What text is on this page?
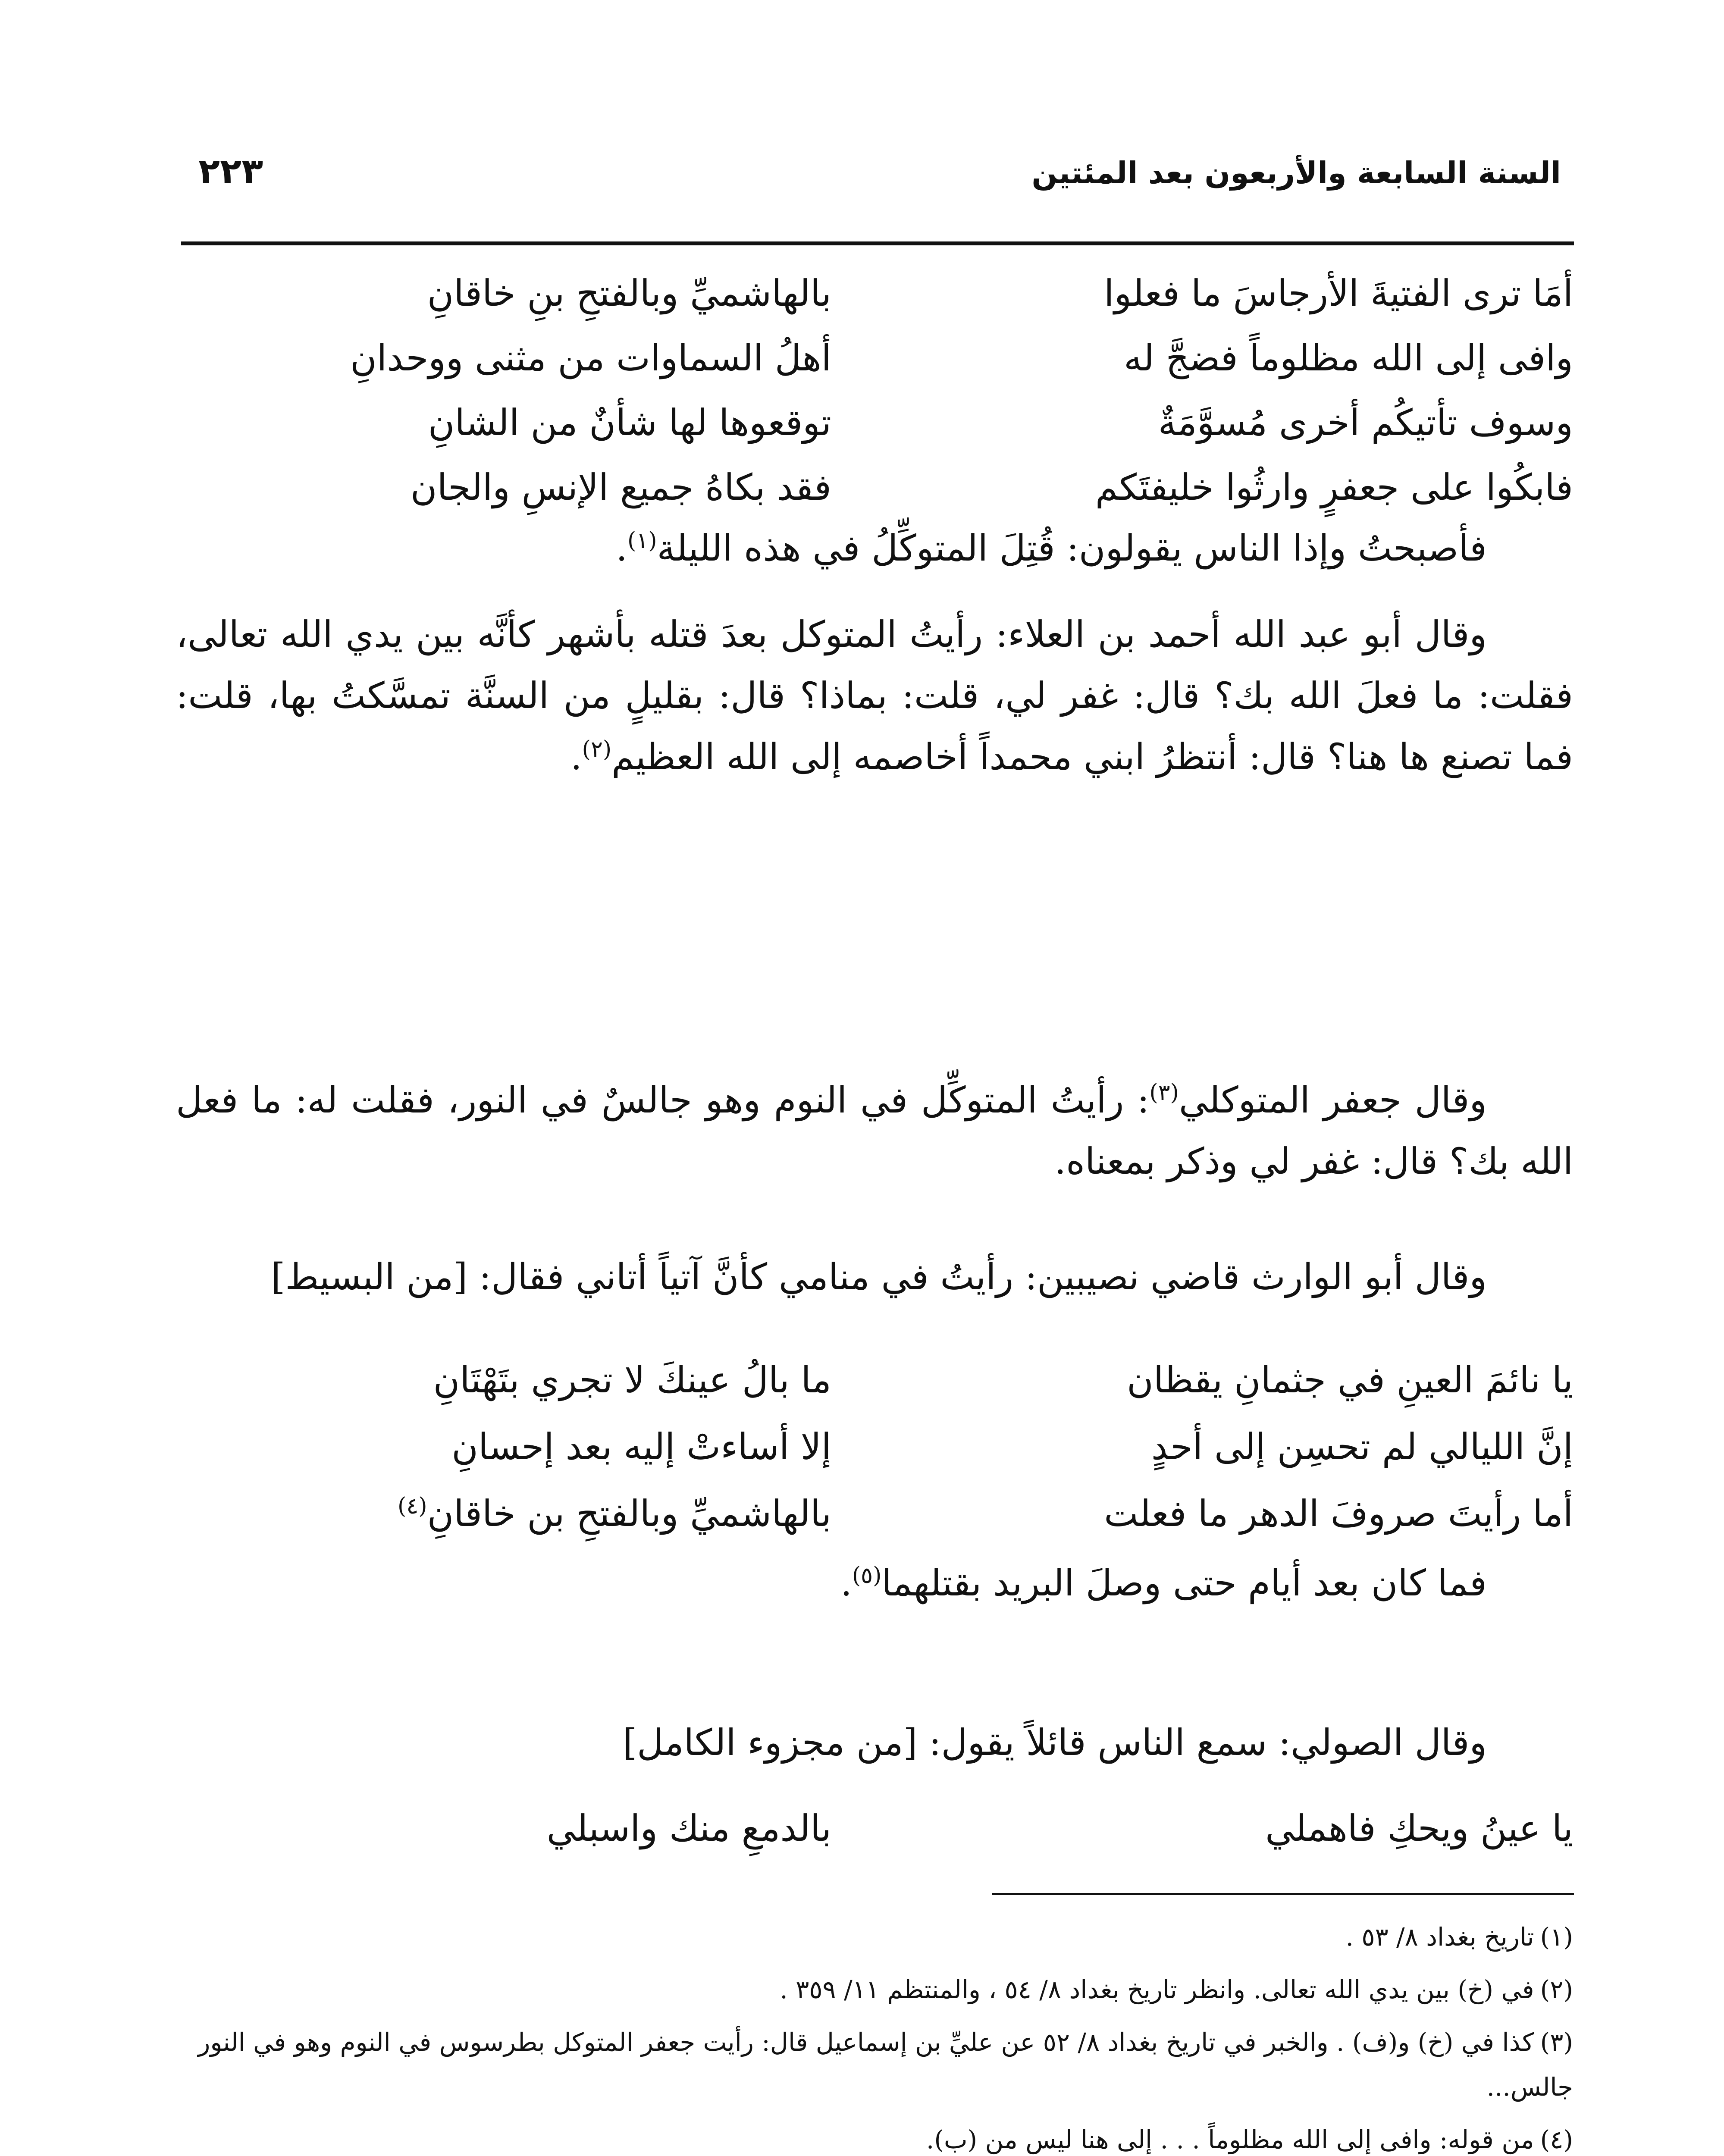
السنة السابعة والأربعون بعد المئتين
٢٢٣
أمَا ترى الفتيةَ الأرجاسَ ما فعلوا
بالهاشميِّ وبالفتحِ بنِ خاقانِ
وافى إلى الله مظلوماً فضجَّ له
أهلُ السماوات من مثنى ووحدانِ
وسوف تأتيكُم أخرى مُسوَّمَةٌ
توقعوها لها شأنٌ من الشانِ
فابكُوا على جعفرٍ وارثُوا خليفتَكم
فقد بكاهُ جميع الإنسِ والجان
فأصبحتُ وإذا الناس يقولون: قُتِلَ المتوكِّلُ في هذه الليلة$^{(١)}$.
وقال أبو عبد الله أحمد بن العلاء: رأيتُ المتوكل بعدَ قتله بأشهر كأنَّه بين يدي الله تعالى، فقلت: ما فعلَ الله بك؟ قال: غفر لي، قلت: بماذا؟ قال: بقليلٍ من السنَّة تمسَّكتُ بها، قلت: فما تصنع ها هنا؟ قال: أنتظرُ ابني محمداً أخاصمه إلى الله العظيم$^{(٢)}$.
وقال جعفر المتوكلي$^{(٣)}$: رأيتُ المتوكِّل في النوم وهو جالسٌ في النور، فقلت له: ما فعل الله بك؟ قال: غفر لي وذكر بمعناه.
وقال أبو الوارث قاضي نصيبين: رأيتُ في منامي كأنَّ آتياً أتاني فقال: [من البسيط]
يا نائمَ العينِ في جثمانِ يقظان
ما بالُ عينكَ لا تجري بتَهْتَانِ
إنَّ الليالي لم تحسِن إلى أحدٍ
إلا أساءتْ إليه بعد إحسانِ
أما رأيتَ صروفَ الدهر ما فعلت
بالهاشميِّ وبالفتحِ بن خاقانِ$^{(٤)}$
فما كان بعد أيام حتى وصلَ البريد بقتلهما$^{(٥)}$.
وقال الصولي: سمع الناس قائلاً يقول: [من مجزوء الكامل]
يا عينُ ويحكِ فاهملي
بالدمعِ منك واسبلي

(١)تاريخ بغداد ٨/ ٥٣ .

(٢)في (خ) بين يدي الله تعالى. وانظر تاريخ بغداد ٨/ ٥٤ ، والمنتظم ١١/ ٣٥٩ .

(٣)كذا في (خ) و(ف) . والخبر في تاريخ بغداد ٨/ ٥٢ عن عليِّ بن إسماعيل قال: رأيت جعفر المتوكل بطرسوس في النوم وهو في النور جالس...

(٤)من قوله: وافى إلى الله مظلوماً . . . إلى هنا ليس من (ب).
